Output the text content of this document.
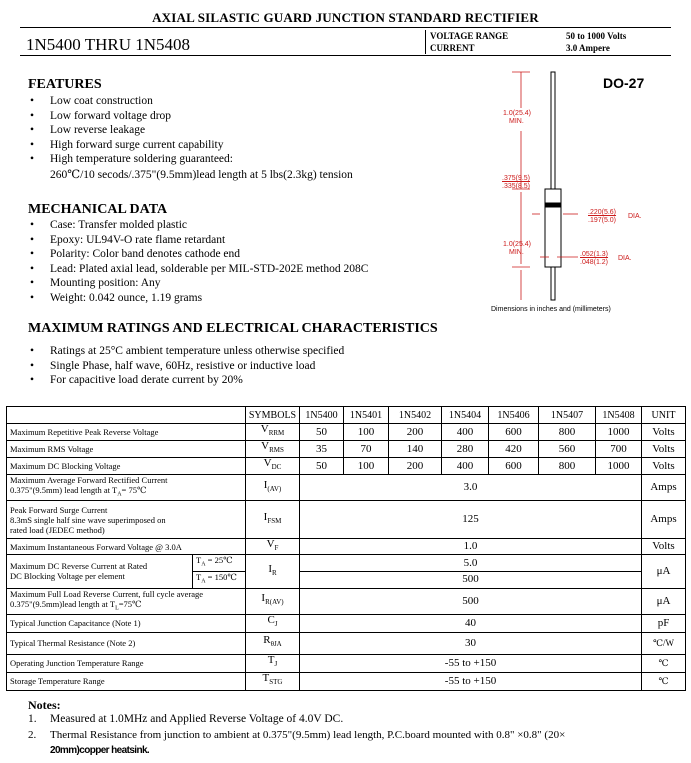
AXIAL SILASTIC GUARD JUNCTION STANDARD RECTIFIER
1N5400 THRU 1N5408	VOLTAGE RANGE	50 to 1000 Volts
CURRENT	3.0 Ampere
FEATURES
• Low coat construction
• Low forward voltage drop
• Low reverse leakage
• High forward surge current capability
• High temperature soldering guaranteed:
260℃/10 secods/.375"(9.5mm)lead length at 5 lbs(2.3kg) tension
MECHANICAL DATA
• Case: Transfer molded plastic
• Epoxy: UL94V-O rate flame retardant
• Polarity: Color band denotes cathode end
• Lead: Plated axial lead, solderable per MIL-STD-202E method 208C
• Mounting position: Any
• Weight: 0.042 ounce, 1.19 grams
DO-27
1.0(25.4)
MIN.
.375(9.5)
.335(8.5)
.220(5.6)
.197(5.0)
DIA.
1.0(25.4)
MIN.	.052(1.3)
.048(1.2)
DIA.
Dimensions in inches and (millimeters)
MAXIMUM RATINGS AND ELECTRICAL CHARACTERISTICS
• Ratings at 25°C ambient temperature unless otherwise specified
• Single Phase, half wave, 60Hz, resistive or inductive load
• For capacitive load derate current by 20%
		SYMBOLS	1N5400	1N5401	1N5402	1N5404	1N5406	1N5407	1N5408	UNIT
Maximum Repetitive Peak Reverse Voltage		$V_{RRM}$	50	100	200	400	600	800	1000	Volts
Maximum RMS Voltage		$V_{RMS}$	35	70	140	280	420	560	700	Volts
Maximum DC Blocking Voltage		$V_{DC}$	50	100	200	400	600	800	1000	Volts

Maximum Average Forward Rectified Current
0.375"(9.5mm) lead length at $T_A=$ 75℃		$I_{(AV)}$	3.0							Amps

Peak Forward Surge Current
8.3mS single half sine wave superimposed on
rated load (JEDEC method)		$I_{FSM}$	125							Amps
Maximum Instantaneous Forward Voltage @ 3.0A		$V_F$	1.0							Volts

Maximum DC Reverse Current at Rated
DC Blocking Voltage per element	$T_A$ = 25℃	$I_R$	5.0							μA
	$T_A$ = 150℃		500							

Maximum Full Load Reverse Current, full cycle average
0.375"(9.5mm)lead length at $T_L=75℃$		$I_{R(AV)}$	500							μA
Typical Junction Capacitance (Note 1)		$C_J$	40							pF
Typical Thermal Resistance (Note 2)		$R_{\theta JA}$	30							℃/W
Operating Junction Temperature Range		$T_J$	-55 to +150							℃
Storage Temperature Range		$T_{STG}$	-55 to +150							℃
Notes:
1. Measured at 1.0MHz and Applied Reverse Voltage of 4.0V DC.
2. Thermal Resistance from junction to ambient at 0.375"(9.5mm) lead length, P.C.board mounted with 0.8" ×0.8" (20×
20mm)copper heatsink.
